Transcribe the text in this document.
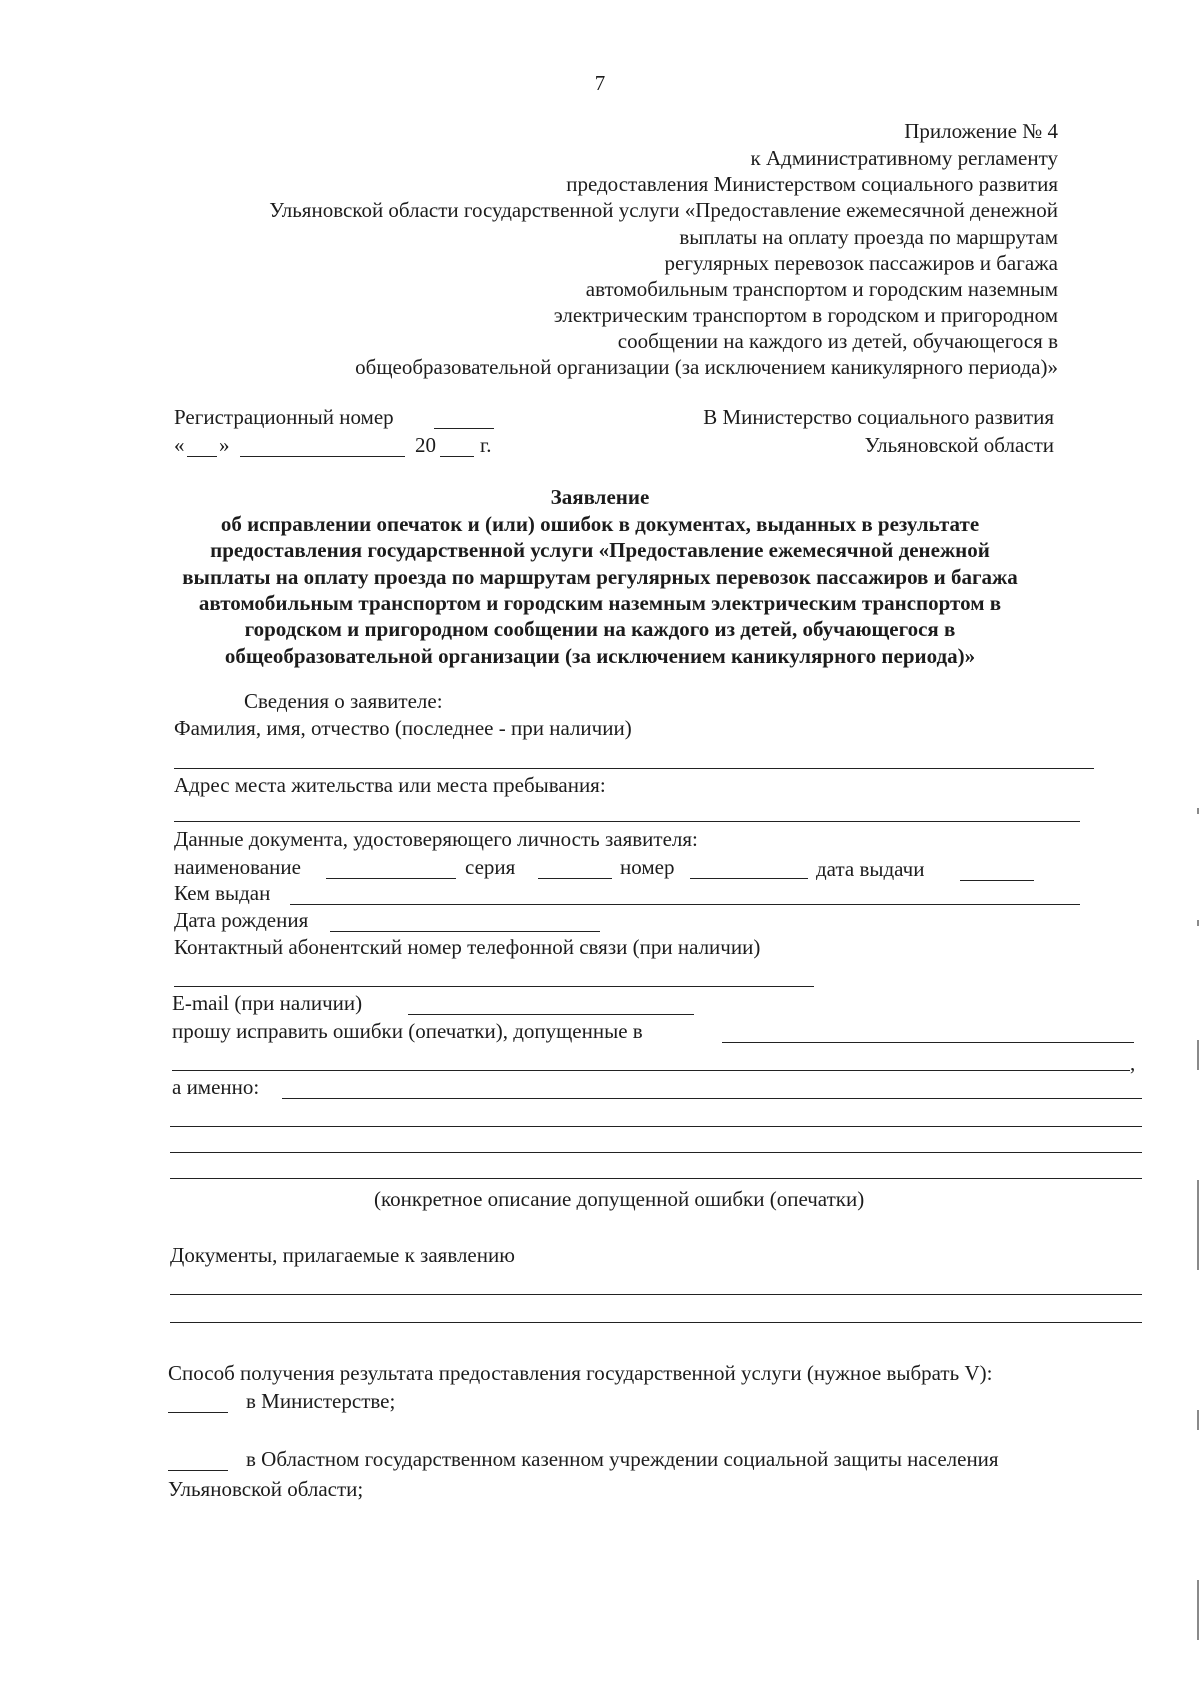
7
Приложение № 4
к Административному регламенту
предоставления Министерством социального развития
Ульяновской области государственной услуги «Предоставление ежемесячной денежной
выплаты на оплату проезда по маршрутам
регулярных перевозок пассажиров и багажа
автомобильным транспортом и городским наземным
электрическим транспортом в городском и пригородном
сообщении на каждого из детей, обучающегося в
общеобразовательной организации (за исключением каникулярного периода)»
Регистрационный номер
« »	20 г.
В Министерство социального развития
Ульяновской области
Заявление
об исправлении опечаток и (или) ошибок в документах, выданных в результате
предоставления государственной услуги «Предоставление ежемесячной денежной
выплаты на оплату проезда по маршрутам регулярных перевозок пассажиров и багажа
автомобильным транспортом и городским наземным электрическим транспортом в
городском и пригородном сообщении на каждого из детей, обучающегося в
общеобразовательной организации (за исключением каникулярного периода)»
Сведения о заявителе:
Фамилия, имя, отчество (последнее - при наличии)
Адрес места жительства или места пребывания:
Данные документа, удостоверяющего личность заявителя:
наименование	серия	номер	дата выдачи
Кем выдан
Дата рождения
Контактный абонентский номер телефонной связи (при наличии)
E-mail (при наличии)
прошу исправить ошибки (опечатки), допущенные в
,
а именно:
(конкретное описание допущенной ошибки (опечатки)
Документы, прилагаемые к заявлению
Способ получения результата предоставления государственной услуги (нужное выбрать V):
в Министерстве;
в Областном государственном казенном учреждении социальной защиты населения
Ульяновской области;
